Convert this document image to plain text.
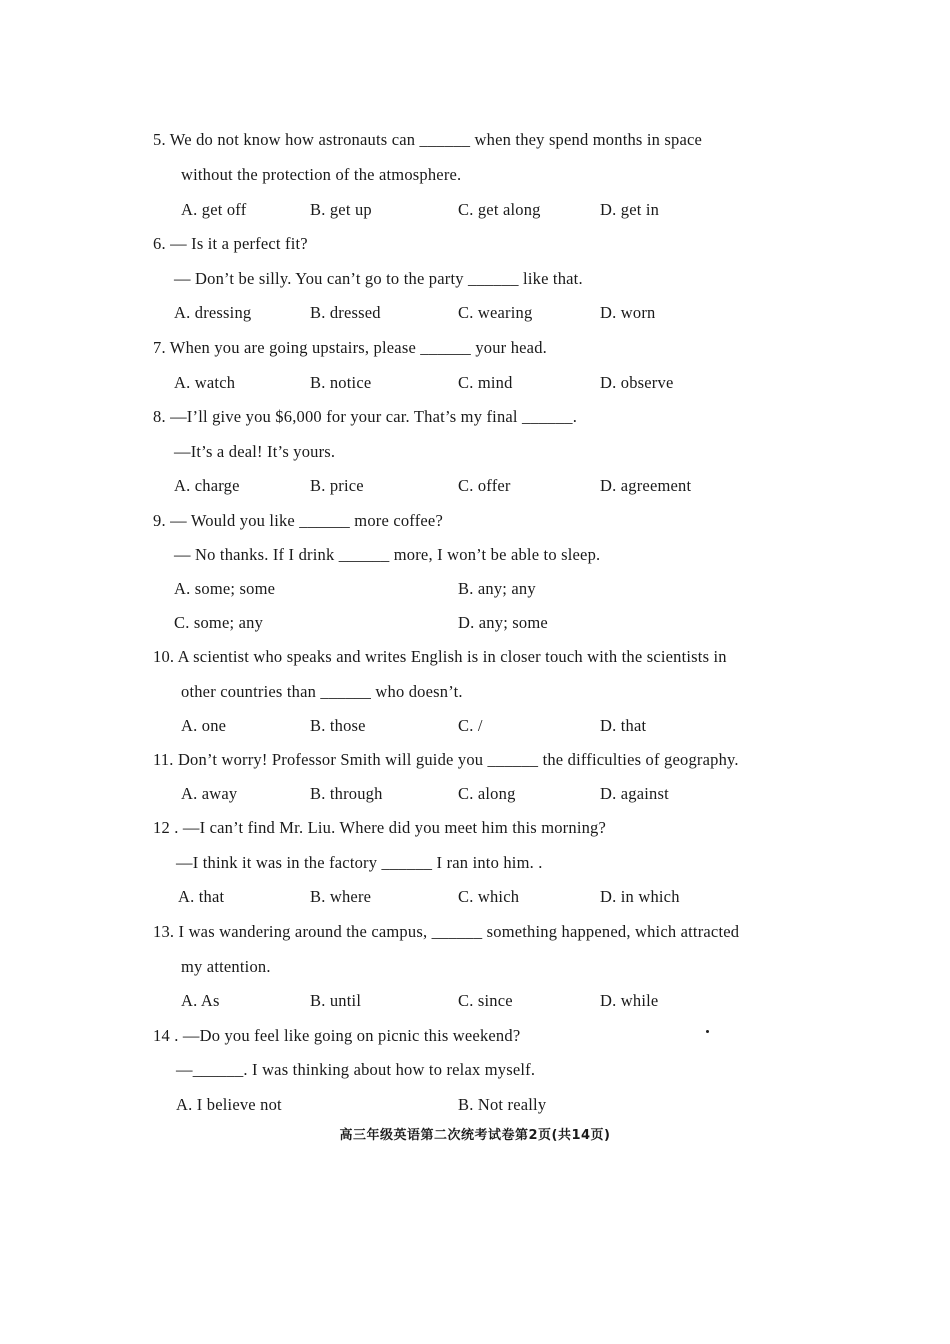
5. We do not know how astronauts can ______ when they spend months in space
without the protection of the atmosphere.
A. get off	B. get up	C. get along	D. get in
6. — Is it a perfect fit?
— Don’t be silly. You can’t go to the party ______ like that.
A. dressing	B. dressed	C. wearing	D. worn
7. When you are going upstairs, please ______ your head.
A. watch	B. notice	C. mind	D. observe
8. —I’ll give you $6,000 for your car. That’s my final ______.
—It’s a deal! It’s yours.
A. charge	B. price	C. offer	D. agreement
9. — Would you like ______ more coffee?
— No thanks. If I drink ______ more, I won’t be able to sleep.
A. some; some	B. any; any
C. some; any	D. any; some
10. A scientist who speaks and writes English is in closer touch with the scientists in
other countries than ______ who doesn’t.
A. one	B. those	C. /	D. that
11. Don’t worry! Professor Smith will guide you ______ the difficulties of geography.
A. away	B. through	C. along	D. against
12 . —I can’t find Mr. Liu. Where did you meet him this morning?
—I think it was in the factory ______ I ran into him. .
A. that	B. where	C. which	D. in which
13. I was wandering around the campus, ______ something happened, which attracted
my attention.
A. As	B. until	C. since	D. while
14 . —Do you feel like going on picnic this weekend?
—______. I was thinking about how to relax myself.
A. I believe not	B. Not really
高三年级英语第二次统考试卷第2页(共14页)
